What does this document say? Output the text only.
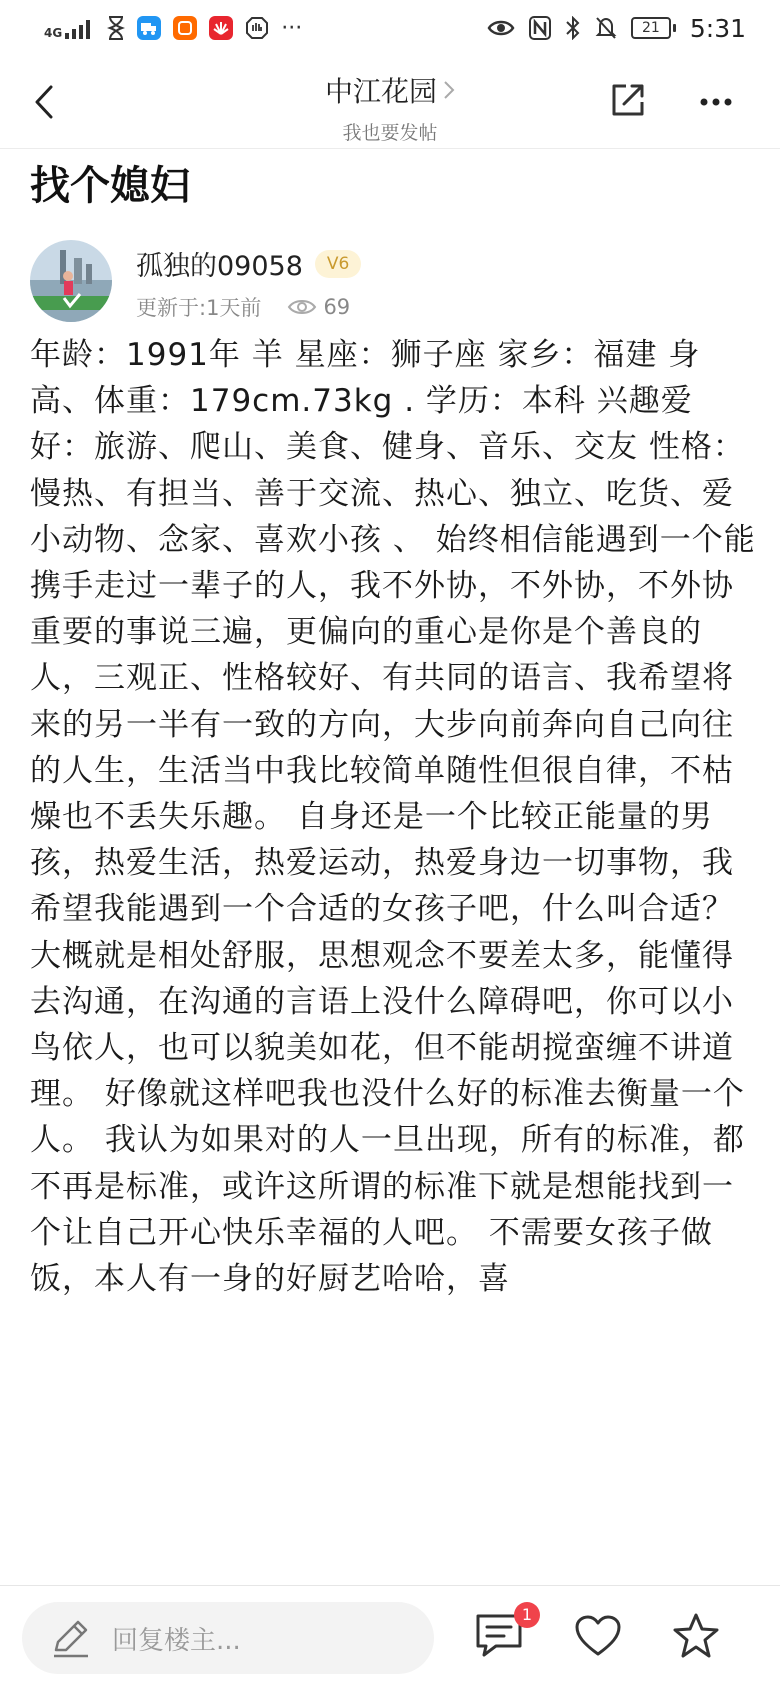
4G	···	21	5:31
中江花园
我也要发帖
找个媳妇
孤独的09058	V6
更新于:1天前	69

年龄：1991年 羊 星座：狮子座 家乡：福建 身高、体重：179cm.73kg . 学历：本科 兴趣爱好：旅游、爬山、美食、健身、音乐、交友 性格：慢热、有担当、善于交流、热心、独立、吃货、爱小动物、念家、喜欢小孩 、 始终相信能遇到一个能携手走过一辈子的人，我不外协，不外协，不外协重要的事说三遍，更偏向的重心是你是个善良的人，三观正、性格较好、有共同的语言、我希望将来的另一半有一致的方向，大步向前奔向自己向往的人生，生活当中我比较简单随性但很自律，不枯燥也不丢失乐趣。 自身还是一个比较正能量的男孩，热爱生活，热爱运动，热爱身边一切事物，我希望我能遇到一个合适的女孩子吧，什么叫合适？大概就是相处舒服，思想观念不要差太多，能懂得去沟通，在沟通的言语上没什么障碍吧，你可以小鸟依人，也可以貌美如花，但不能胡搅蛮缠不讲道理。 好像就这样吧我也没什么好的标准去衡量一个人。 我认为如果对的人一旦出现，所有的标准，都不再是标准，或许这所谓的标准下就是想能找到一个让自己开心快乐幸福的人吧。 不需要女孩子做饭，本人有一身的好厨艺哈哈，喜

回复楼主...
1
